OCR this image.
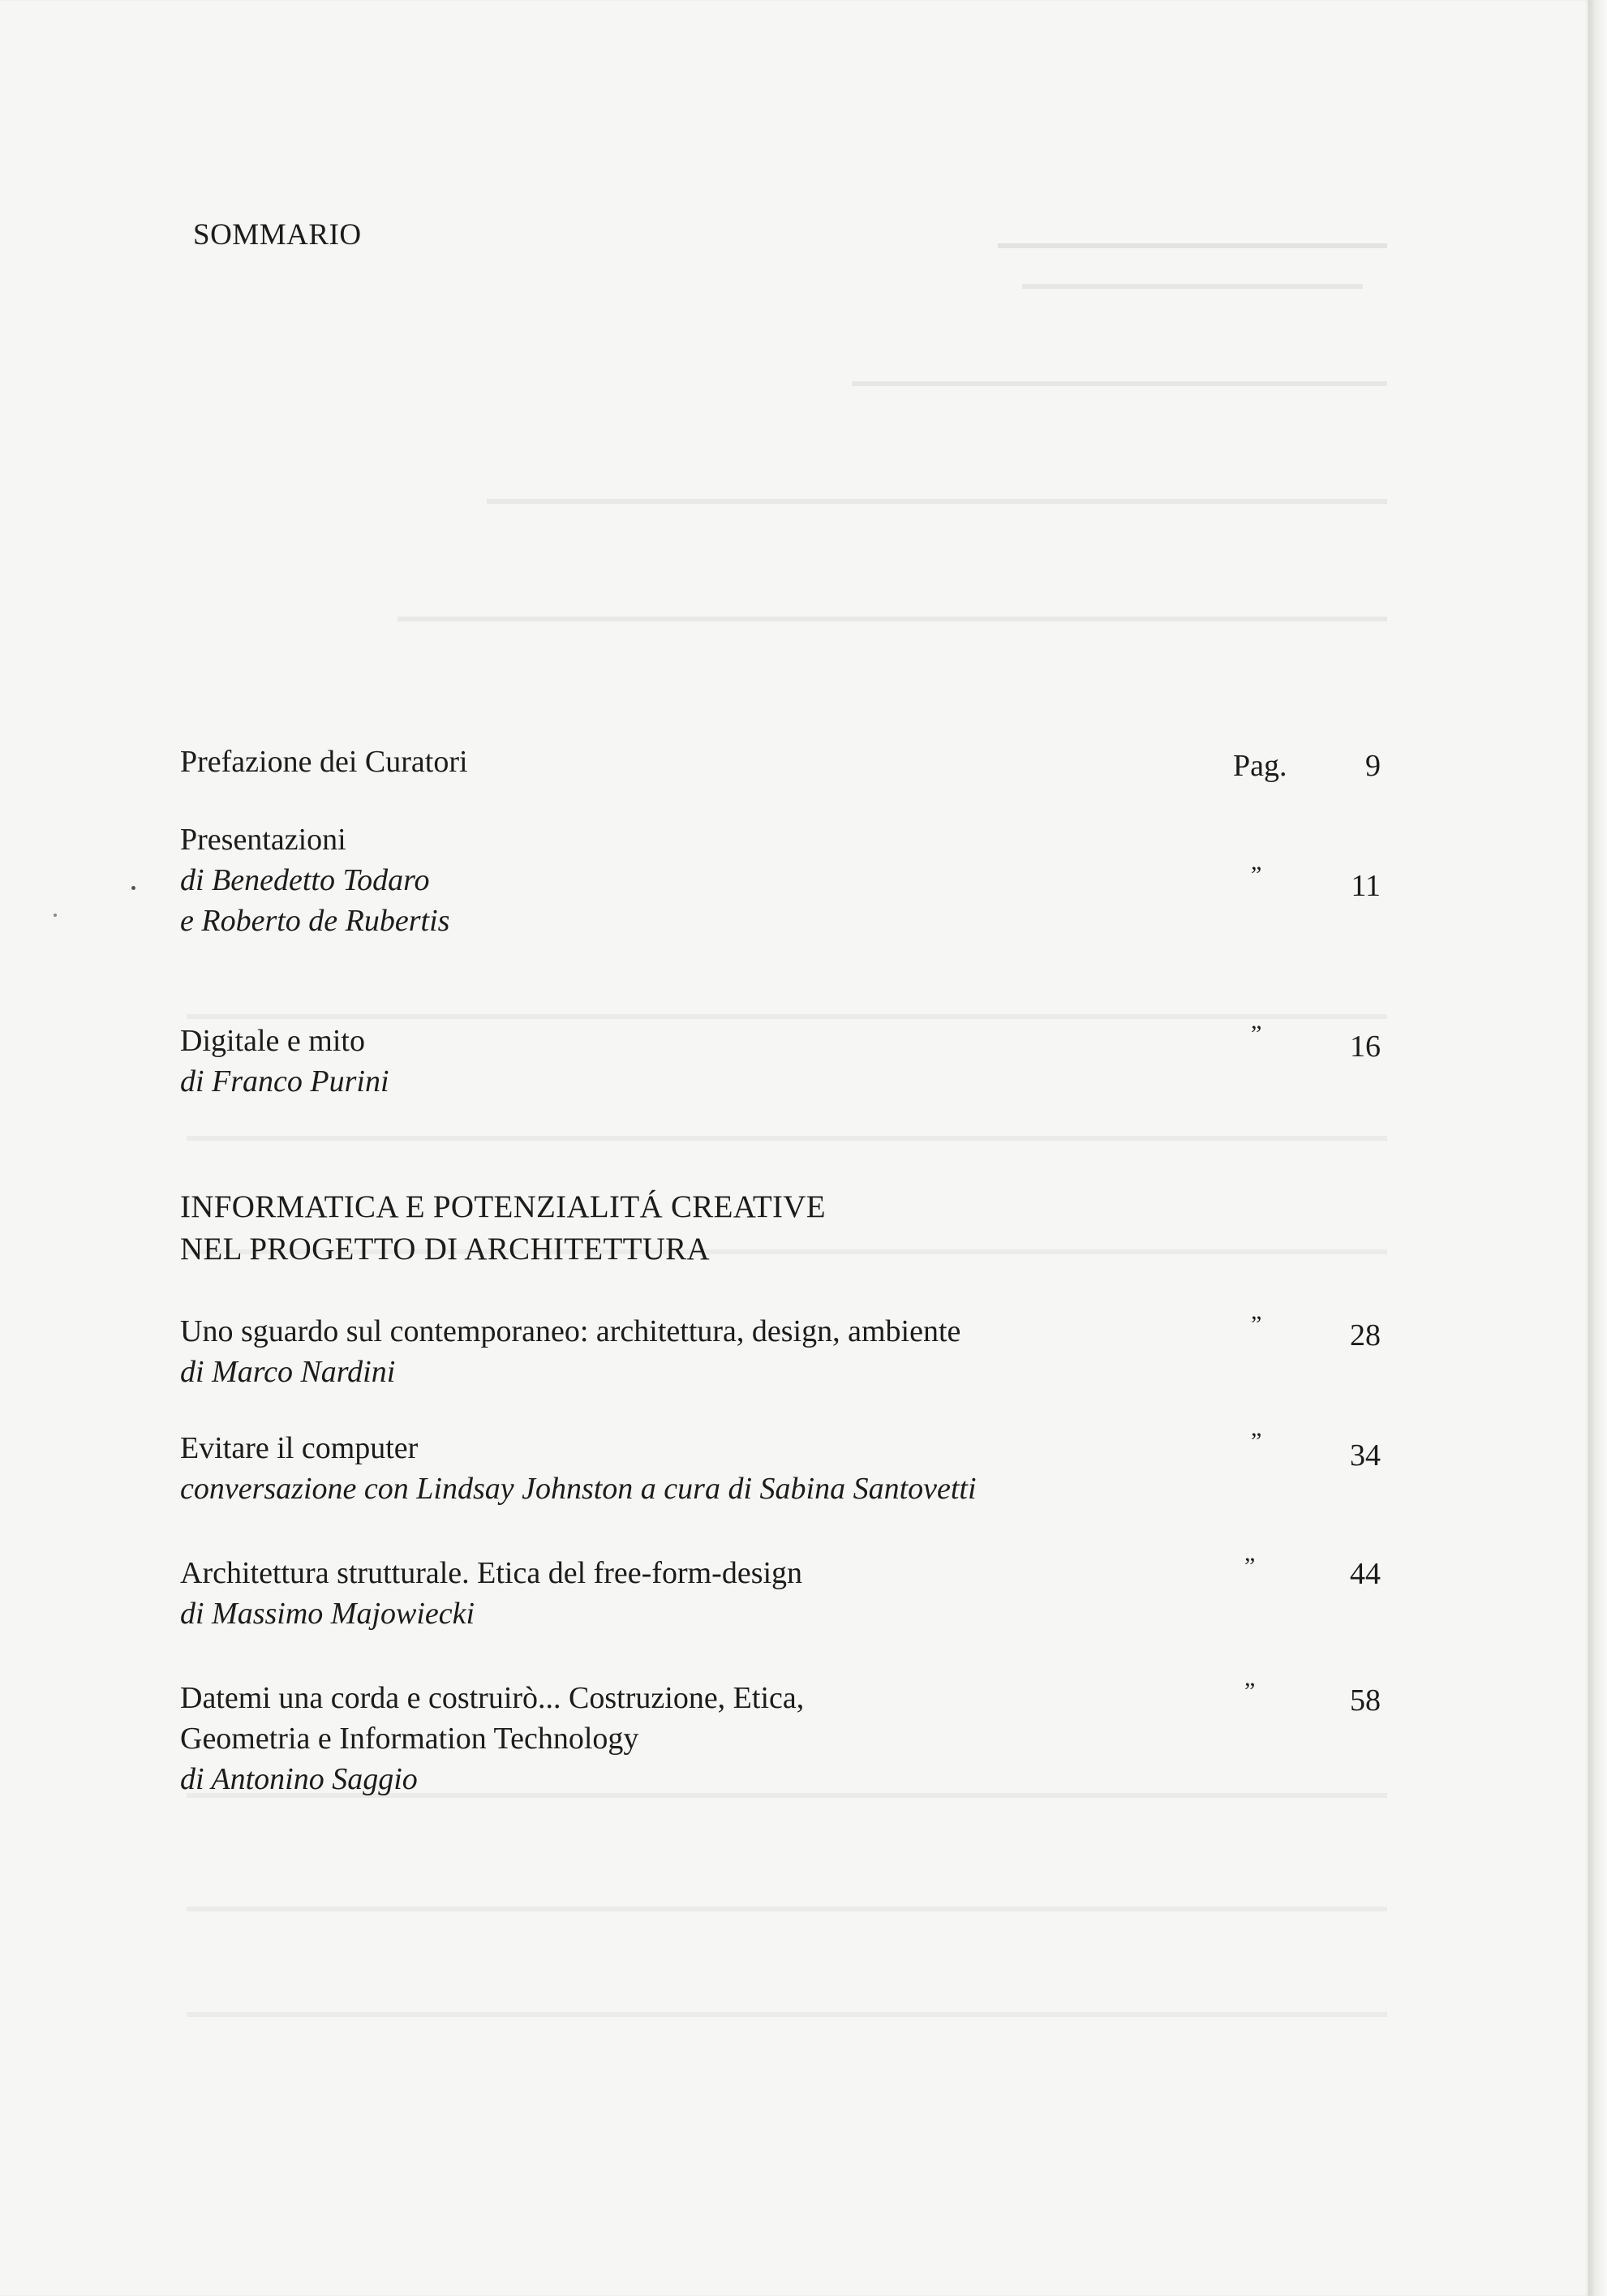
SOMMARIO
Prefazione dei Curatori	Pag.	9
Presentazioni
di Benedetto Todaro
e Roberto de Rubertis
”	11
Digitale e mito
di Franco Purini
”	16
INFORMATICA E POTENZIALITÁ CREATIVE
NEL PROGETTO DI ARCHITETTURA
Uno sguardo sul contemporaneo: architettura, design, ambiente
di Marco Nardini
”	28
Evitare il computer
conversazione con Lindsay Johnston a cura di Sabina Santovetti
”	34
Architettura strutturale. Etica del free-form-design
di Massimo Majowiecki
”	44
Datemi una corda e costruirò... Costruzione, Etica,
Geometria e Information Technology
di Antonino Saggio
”	58
